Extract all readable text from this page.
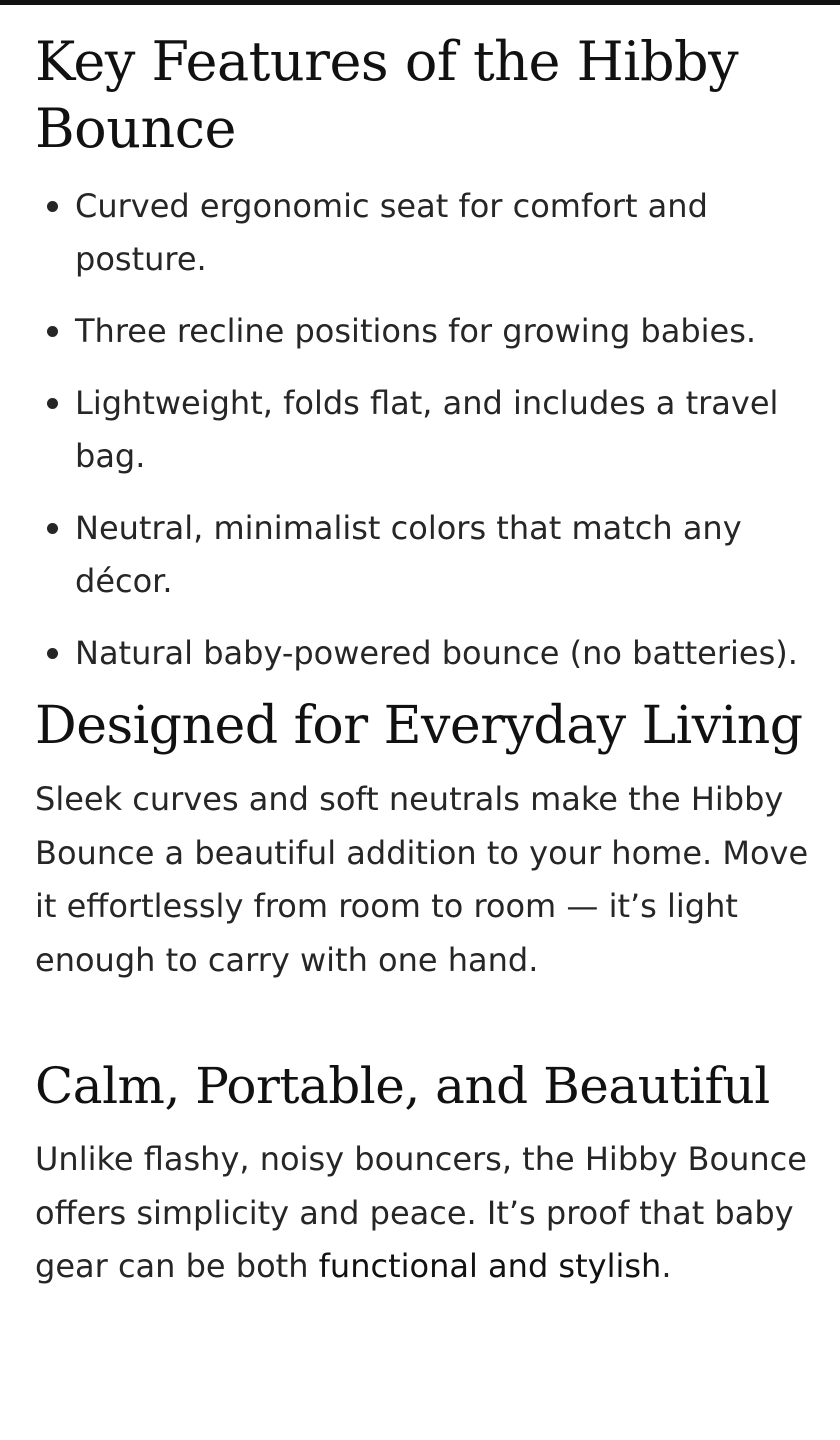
Key Features of the Hibby Bounce
Curved ergonomic seat for comfort and posture.
Three recline positions for growing babies.
Lightweight, folds flat, and includes a travel bag.
Neutral, minimalist colors that match any décor.
Natural baby-powered bounce (no batteries).
Designed for Everyday Living

Sleek curves and soft neutrals make the Hibby Bounce a beautiful addition to your home. Move it effortlessly from room to room — it’s light enough to carry with one hand.

Calm, Portable, and Beautiful

Unlike flashy, noisy bouncers, the Hibby Bounce offers simplicity and peace. It’s proof that baby gear can be both functional and stylish.
